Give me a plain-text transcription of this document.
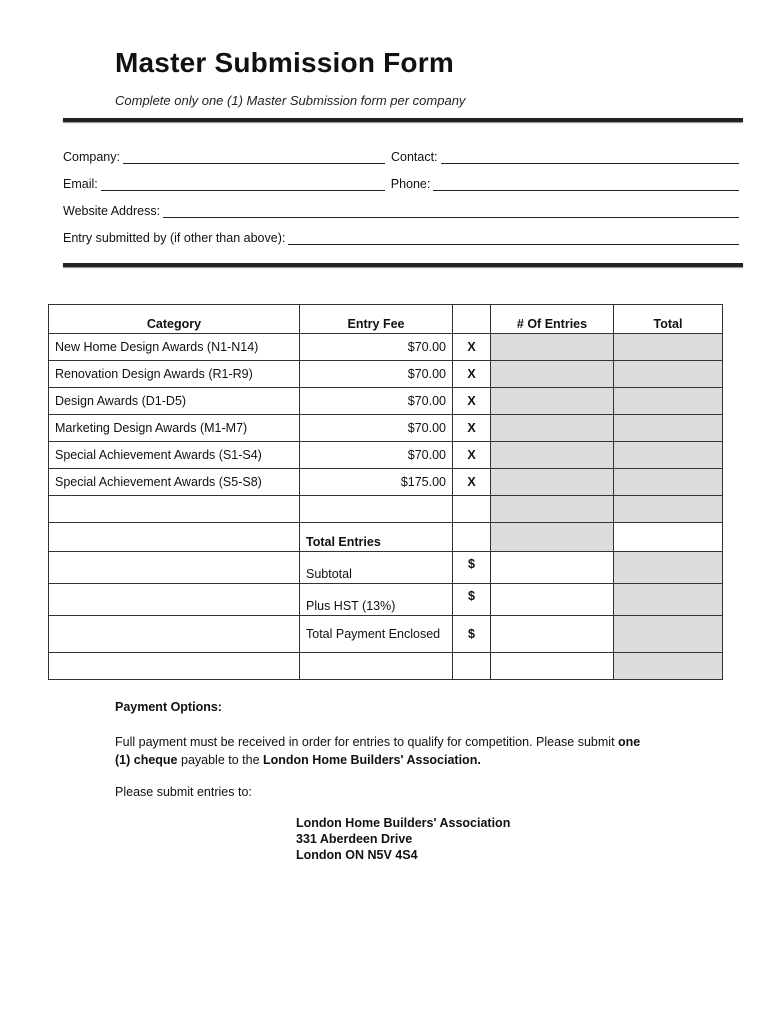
Master Submission Form
Complete only one (1) Master Submission form per company
Company:	Contact:
Email:	Phone:
Website Address:
Entry submitted by (if other than above):
Category	Entry Fee		# Of Entries	Total
New Home Design Awards (N1-N14)	$70.00	X		
Renovation Design Awards (R1-R9)	$70.00	X		
Design Awards (D1-D5)	$70.00	X		
Marketing Design Awards (M1-M7)	$70.00	X		
Special Achievement Awards (S1-S4)	$70.00	X		
Special Achievement Awards (S5-S8)	$175.00	X		

	Total Entries			
	Subtotal	$		
	Plus HST (13%)	$		
	Total Payment Enclosed	$		

Payment Options:
Full payment must be received in order for entries to qualify for competition. Please submit one (1) cheque payable to the London Home Builders' Association.
Please submit entries to:
London Home Builders' Association
331 Aberdeen Drive
London ON N5V 4S4
